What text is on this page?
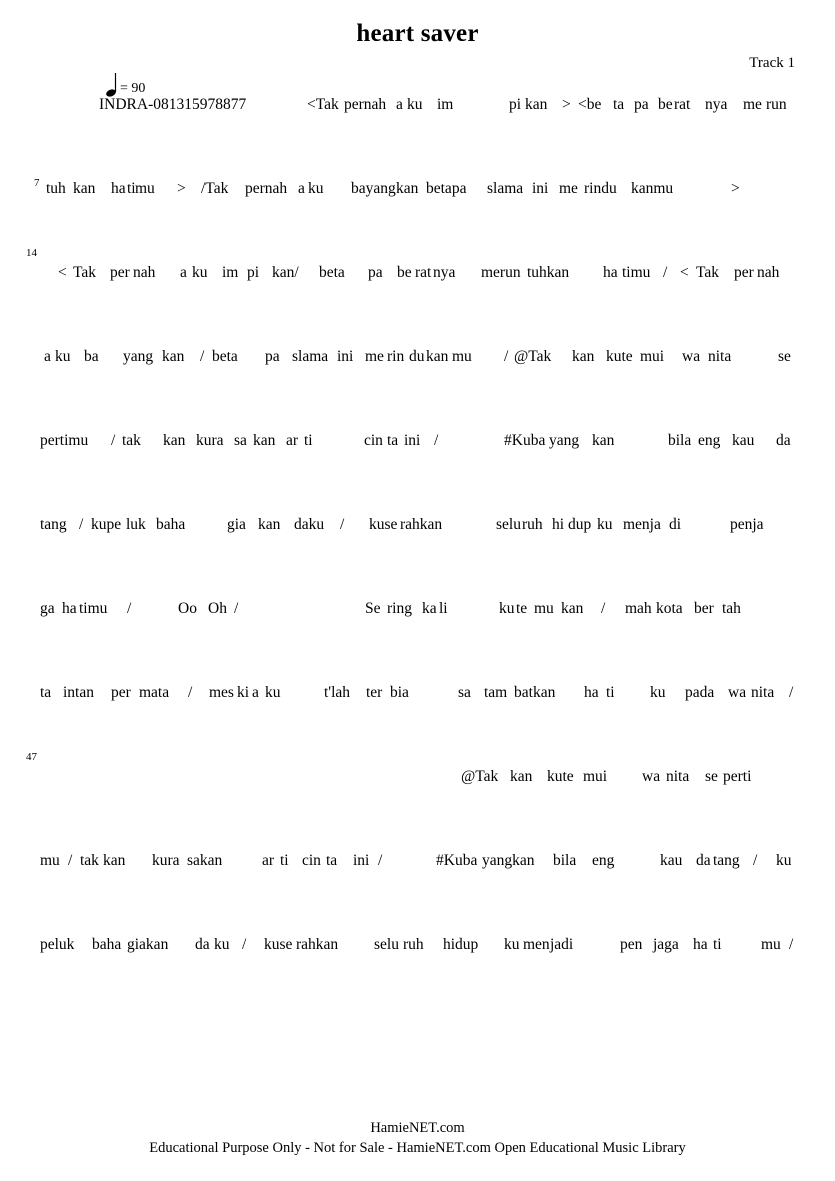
heart saver
Track 1
= 90
7
14
47
INDRA-081315978877	<Tak pernah a ku im	pi kan > <be ta pa be rat nya me run
tuh kan ha ti mu > /Tak pernah a ku bayang kan betapa slama ini me rindu kanmu	>
< Tak per nah a ku im pi kan/ beta pa be rat nya merun tuhkan ha timu / < Tak per nah
a ku ba yang kan / beta pa slama ini me rin du kan mu / @Tak kan kute mui wa nita	se
pertimu / tak kan kura sa kan ar ti	cin ta ini /	#Kuba yang kan	bila eng kau da
tang / kupe luk baha	gia kan daku / kuse rahkan	selu ruh hi dup ku menja di	penja
ga ha timu /	Oo Oh /	Se ring ka li	ku te mu kan / mah kota ber tah
ta intan per mata / mes ki a ku	t'lah ter bia	sa tam bat kan ha ti ku pada wa nita /
@Tak kan kute mui wa nita se perti
mu / tak kan kura sakan	ar ti cin ta ini /	#Kuba yangkan bila eng	kau da tang / ku
peluk baha giakan da ku / kuse rahkan selu ruh hidup ku men jadi	pen jaga ha ti	mu /
HamieNET.com
Educational Purpose Only - Not for Sale - HamieNET.com Open Educational Music Library
